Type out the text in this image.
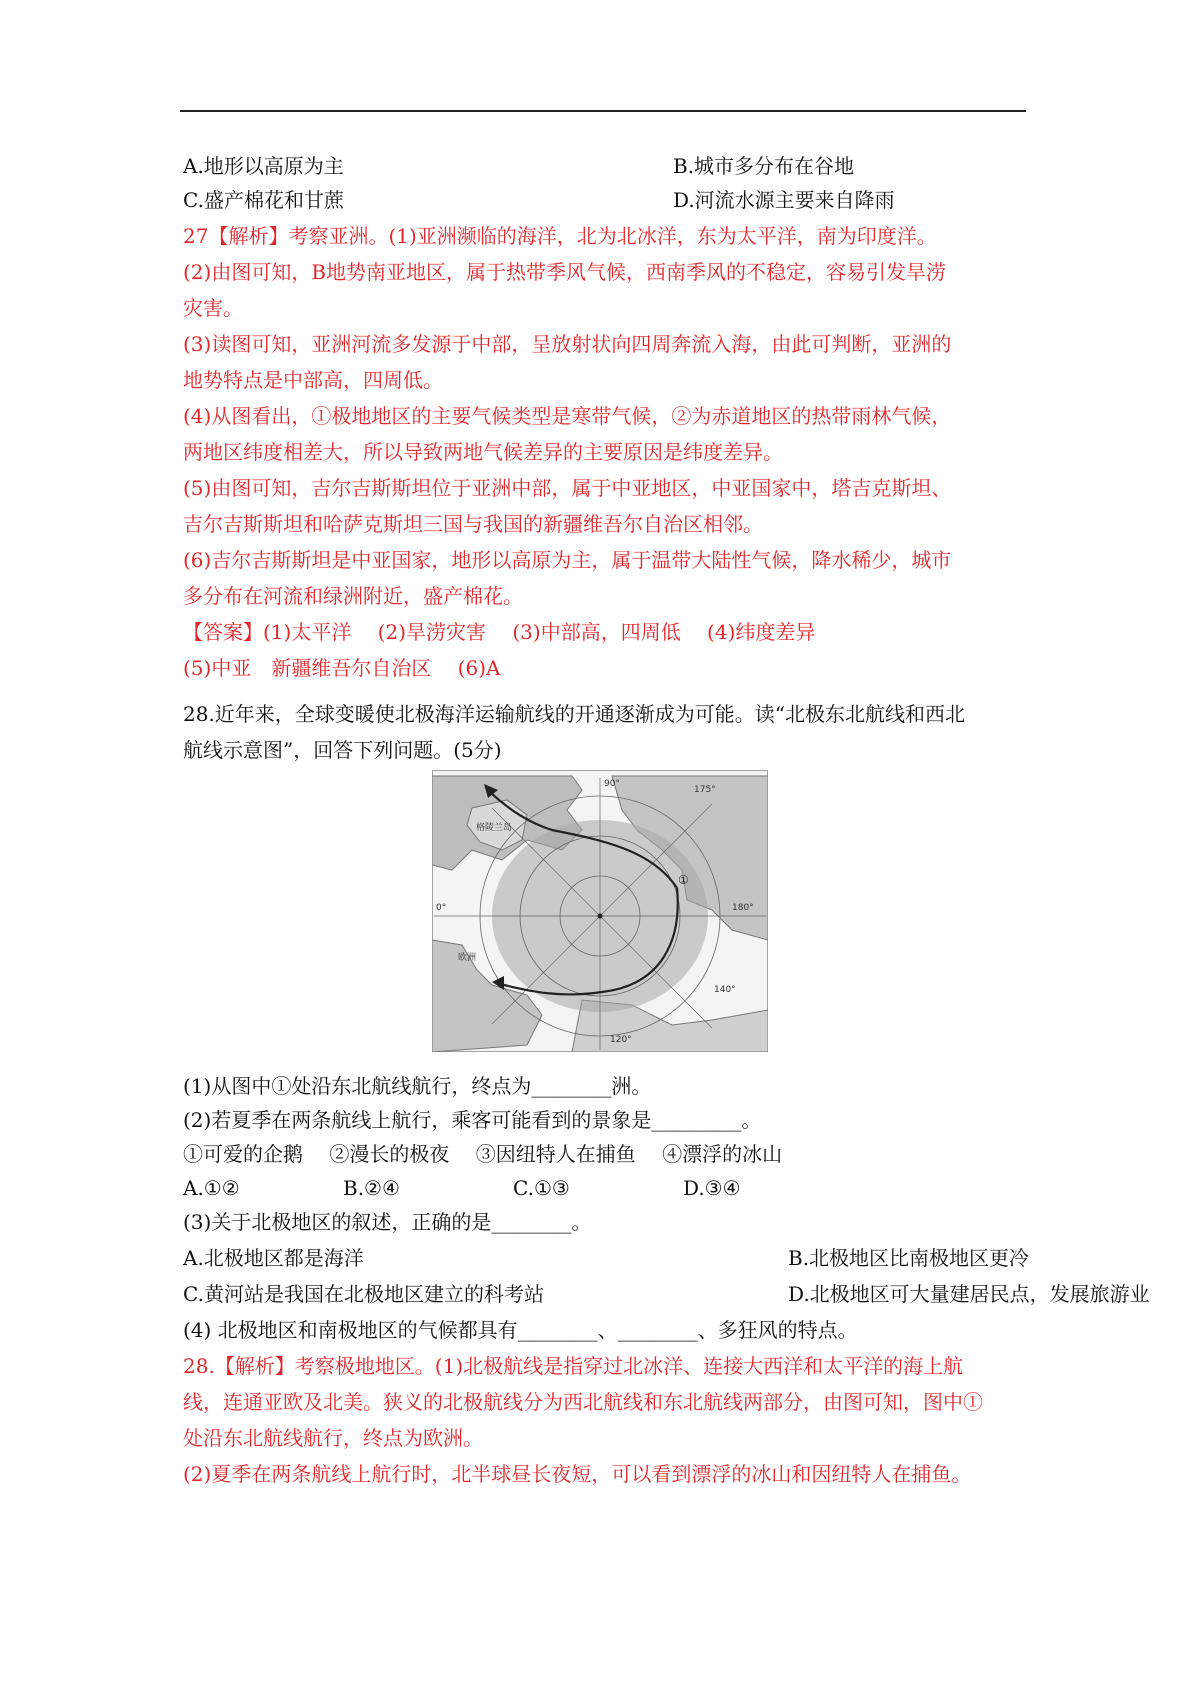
A.地形以高原为主	B.城市多分布在谷地
C.盛产棉花和甘蔗	D.河流水源主要来自降雨
27【解析】考察亚洲。(1)亚洲濒临的海洋，北为北冰洋，东为太平洋，南为印度洋。
(2)由图可知，B地势南亚地区，属于热带季风气候，西南季风的不稳定，容易引发旱涝
灾害。
(3)读图可知，亚洲河流多发源于中部，呈放射状向四周奔流入海，由此可判断，亚洲的
地势特点是中部高，四周低。
(4)从图看出，①极地地区的主要气候类型是寒带气候，②为赤道地区的热带雨林气候，
两地区纬度相差大，所以导致两地气候差异的主要原因是纬度差异。
(5)由图可知，吉尔吉斯斯坦位于亚洲中部，属于中亚地区，中亚国家中，塔吉克斯坦、
吉尔吉斯斯坦和哈萨克斯坦三国与我国的新疆维吾尔自治区相邻。
(6)吉尔吉斯斯坦是中亚国家，地形以高原为主，属于温带大陆性气候，降水稀少，城市
多分布在河流和绿洲附近，盛产棉花。
【答案】(1)太平洋　 (2)旱涝灾害　 (3)中部高，四周低　 (4)纬度差异
(5)中亚　新疆维吾尔自治区　 (6)A
28.近年来，全球变暖使北极海洋运输航线的开通逐渐成为可能。读“北极东北航线和西北
航线示意图”，回答下列问题。(5分)
90°
175°
0°	180°
140°
120°
欧洲
格陵兰岛
①
(1)从图中①处沿东北航线航行，终点为________洲。
(2)若夏季在两条航线上航行，乘客可能看到的景象是_________。
①可爱的企鹅　 ②漫长的极夜　 ③因纽特人在捕鱼　 ④漂浮的冰山
A.①②	B.②④	C.①③	D.③④
(3)关于北极地区的叙述，正确的是________。
A.北极地区都是海洋	B.北极地区比南极地区更冷
C.黄河站是我国在北极地区建立的科考站	D.北极地区可大量建居民点，发展旅游业
(4) 北极地区和南极地区的气候都具有________、________、多狂风的特点。
28.【解析】考察极地地区。(1)北极航线是指穿过北冰洋、连接大西洋和太平洋的海上航
线，连通亚欧及北美。狭义的北极航线分为西北航线和东北航线两部分，由图可知，图中①
处沿东北航线航行，终点为欧洲。
(2)夏季在两条航线上航行时，北半球昼长夜短，可以看到漂浮的冰山和因纽特人在捕鱼。
